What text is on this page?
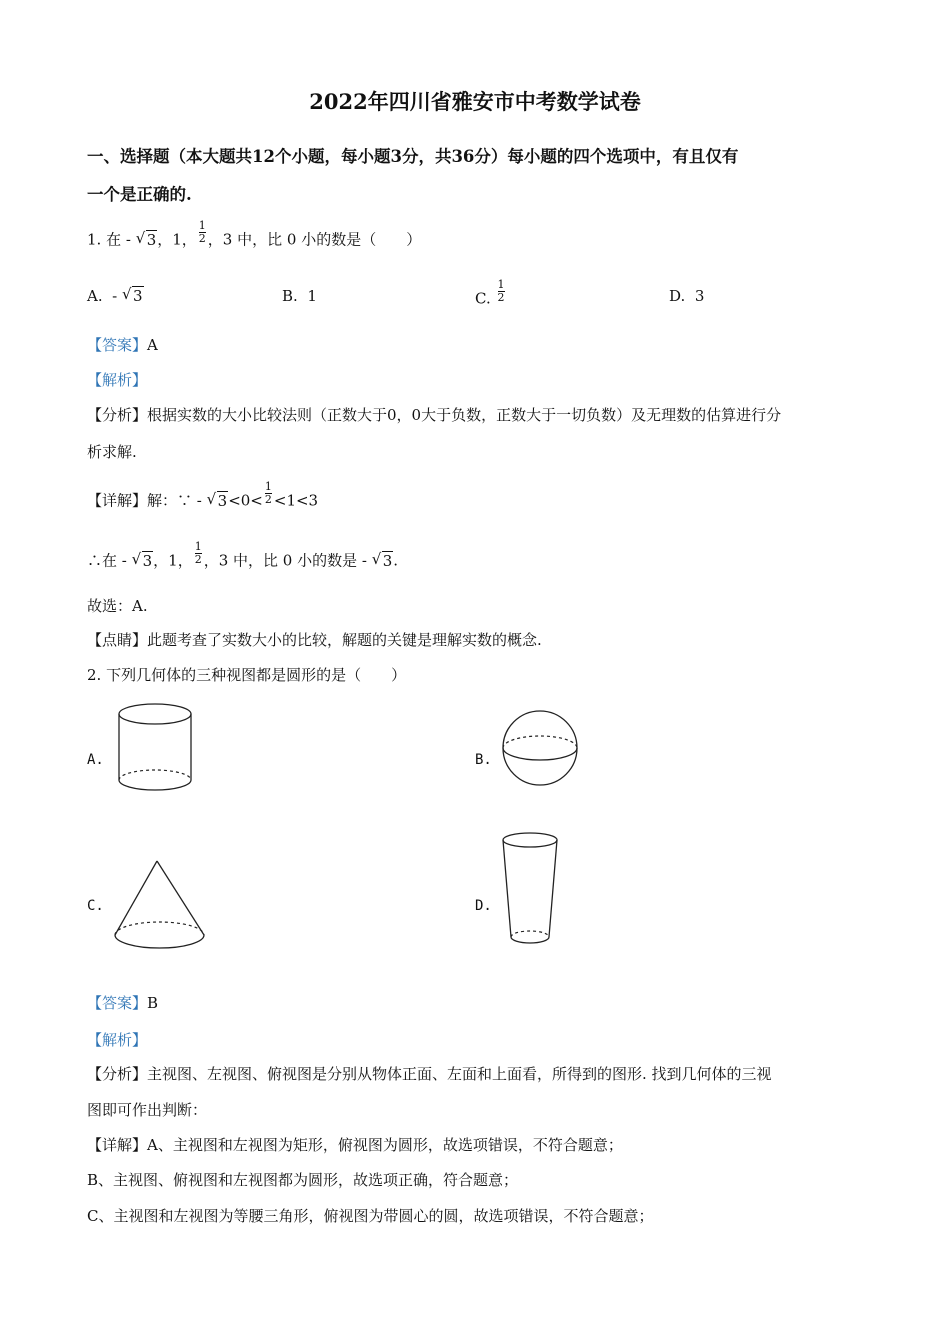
2022年四川省雅安市中考数学试卷
一、选择题（本大题共12个小题，每小题3分，共36分）每小题的四个选项中，有且仅有
一个是正确的.
1. 在 - √ 3，1， $\frac{1}{2}$ ，3 中，比 0 小的数是（　　）
A. - √ 3	B. 1	C. $\frac{1}{2}$	D. 3
【答案】A
【解析】
【分析】根据实数的大小比较法则（正数大于0，0大于负数，正数大于一切负数）及无理数的估算进行分
析求解.
【详解】解：∵ - √ $3<0< \frac{1}{2} <1<3$
∴在 - √ 3，1， $\frac{1}{2}$ ，3 中，比 0 小的数是 - √ 3.
故选：A.
【点睛】此题考查了实数大小的比较，解题的关键是理解实数的概念.
2. 下列几何体的三种视图都是圆形的是（　　）
A.	B.
C.	D.
【答案】B
【解析】
【分析】主视图、左视图、俯视图是分别从物体正面、左面和上面看，所得到的图形. 找到几何体的三视
图即可作出判断：
【详解】A、主视图和左视图为矩形，俯视图为圆形，故选项错误，不符合题意；
B、主视图、俯视图和左视图都为圆形，故选项正确，符合题意；
C、主视图和左视图为等腰三角形，俯视图为带圆心的圆，故选项错误，不符合题意；
